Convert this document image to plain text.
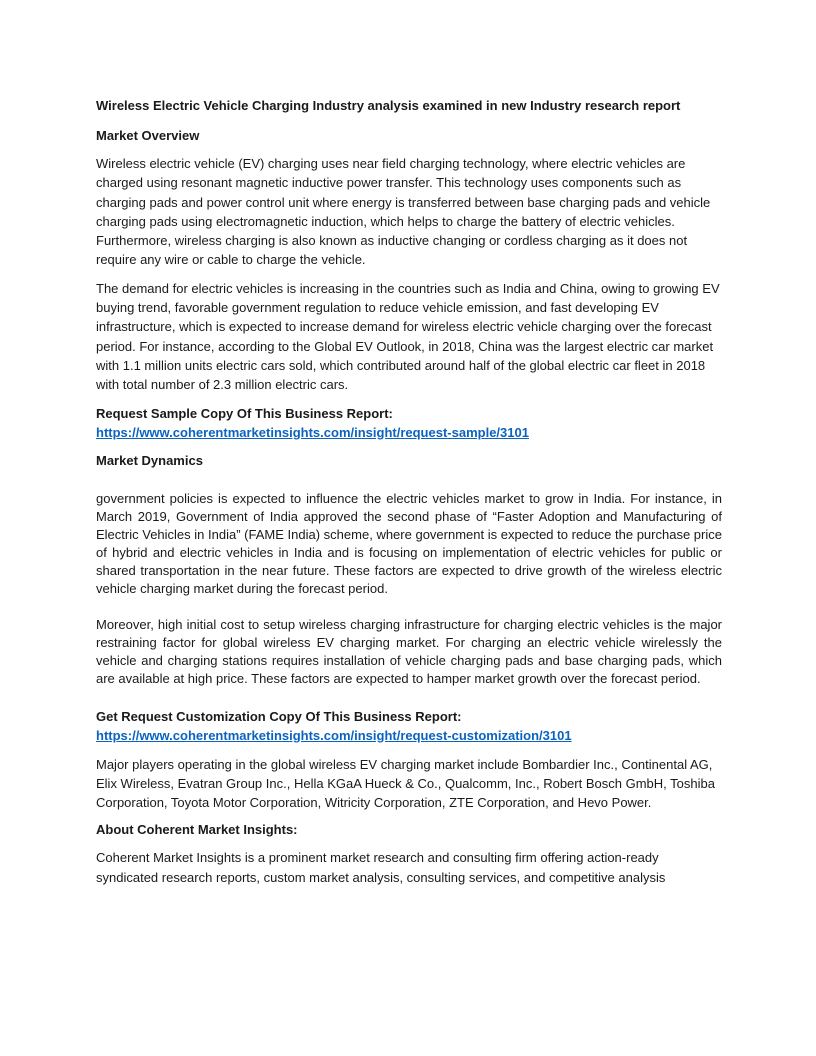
Wireless Electric Vehicle Charging Industry analysis examined in new Industry research report

Market Overview

Wireless electric vehicle (EV) charging uses near field charging technology, where electric vehicles are charged using resonant magnetic inductive power transfer. This technology uses components such as charging pads and power control unit where energy is transferred between base charging pads and vehicle charging pads using electromagnetic induction, which helps to charge the battery of electric vehicles. Furthermore, wireless charging is also known as inductive changing or cordless charging as it does not require any wire or cable to charge the vehicle.

The demand for electric vehicles is increasing in the countries such as India and China, owing to growing EV buying trend, favorable government regulation to reduce vehicle emission, and fast developing EV infrastructure, which is expected to increase demand for wireless electric vehicle charging over the forecast period. For instance, according to the Global EV Outlook, in 2018, China was the largest electric car market with 1.1 million units electric cars sold, which contributed around half of the global electric car fleet in 2018 with total number of 2.3 million electric cars.

Request Sample Copy Of This Business Report:

https://www.coherentmarketinsights.com/insight/request-sample/3101

Market Dynamics

government policies is expected to influence the electric vehicles market to grow in India. For instance, in March 2019, Government of India approved the second phase of “Faster Adoption and Manufacturing of Electric Vehicles in India” (FAME India) scheme, where government is expected to reduce the purchase price of hybrid and electric vehicles in India and is focusing on implementation of electric vehicles for public or shared transportation in the near future. These factors are expected to drive growth of the wireless electric vehicle charging market during the forecast period.

Moreover, high initial cost to setup wireless charging infrastructure for charging electric vehicles is the major restraining factor for global wireless EV charging market. For charging an electric vehicle wirelessly the vehicle and charging stations requires installation of vehicle charging pads and base charging pads, which are available at high price. These factors are expected to hamper market growth over the forecast period.

Get Request Customization Copy Of This Business Report:

https://www.coherentmarketinsights.com/insight/request-customization/3101

Major players operating in the global wireless EV charging market include Bombardier Inc., Continental AG, Elix Wireless, Evatran Group Inc., Hella KGaA Hueck & Co., Qualcomm, Inc., Robert Bosch GmbH, Toshiba Corporation, Toyota Motor Corporation, Witricity Corporation, ZTE Corporation, and Hevo Power.

About Coherent Market Insights:

Coherent Market Insights is a prominent market research and consulting firm offering action-ready syndicated research reports, custom market analysis, consulting services, and competitive analysis
